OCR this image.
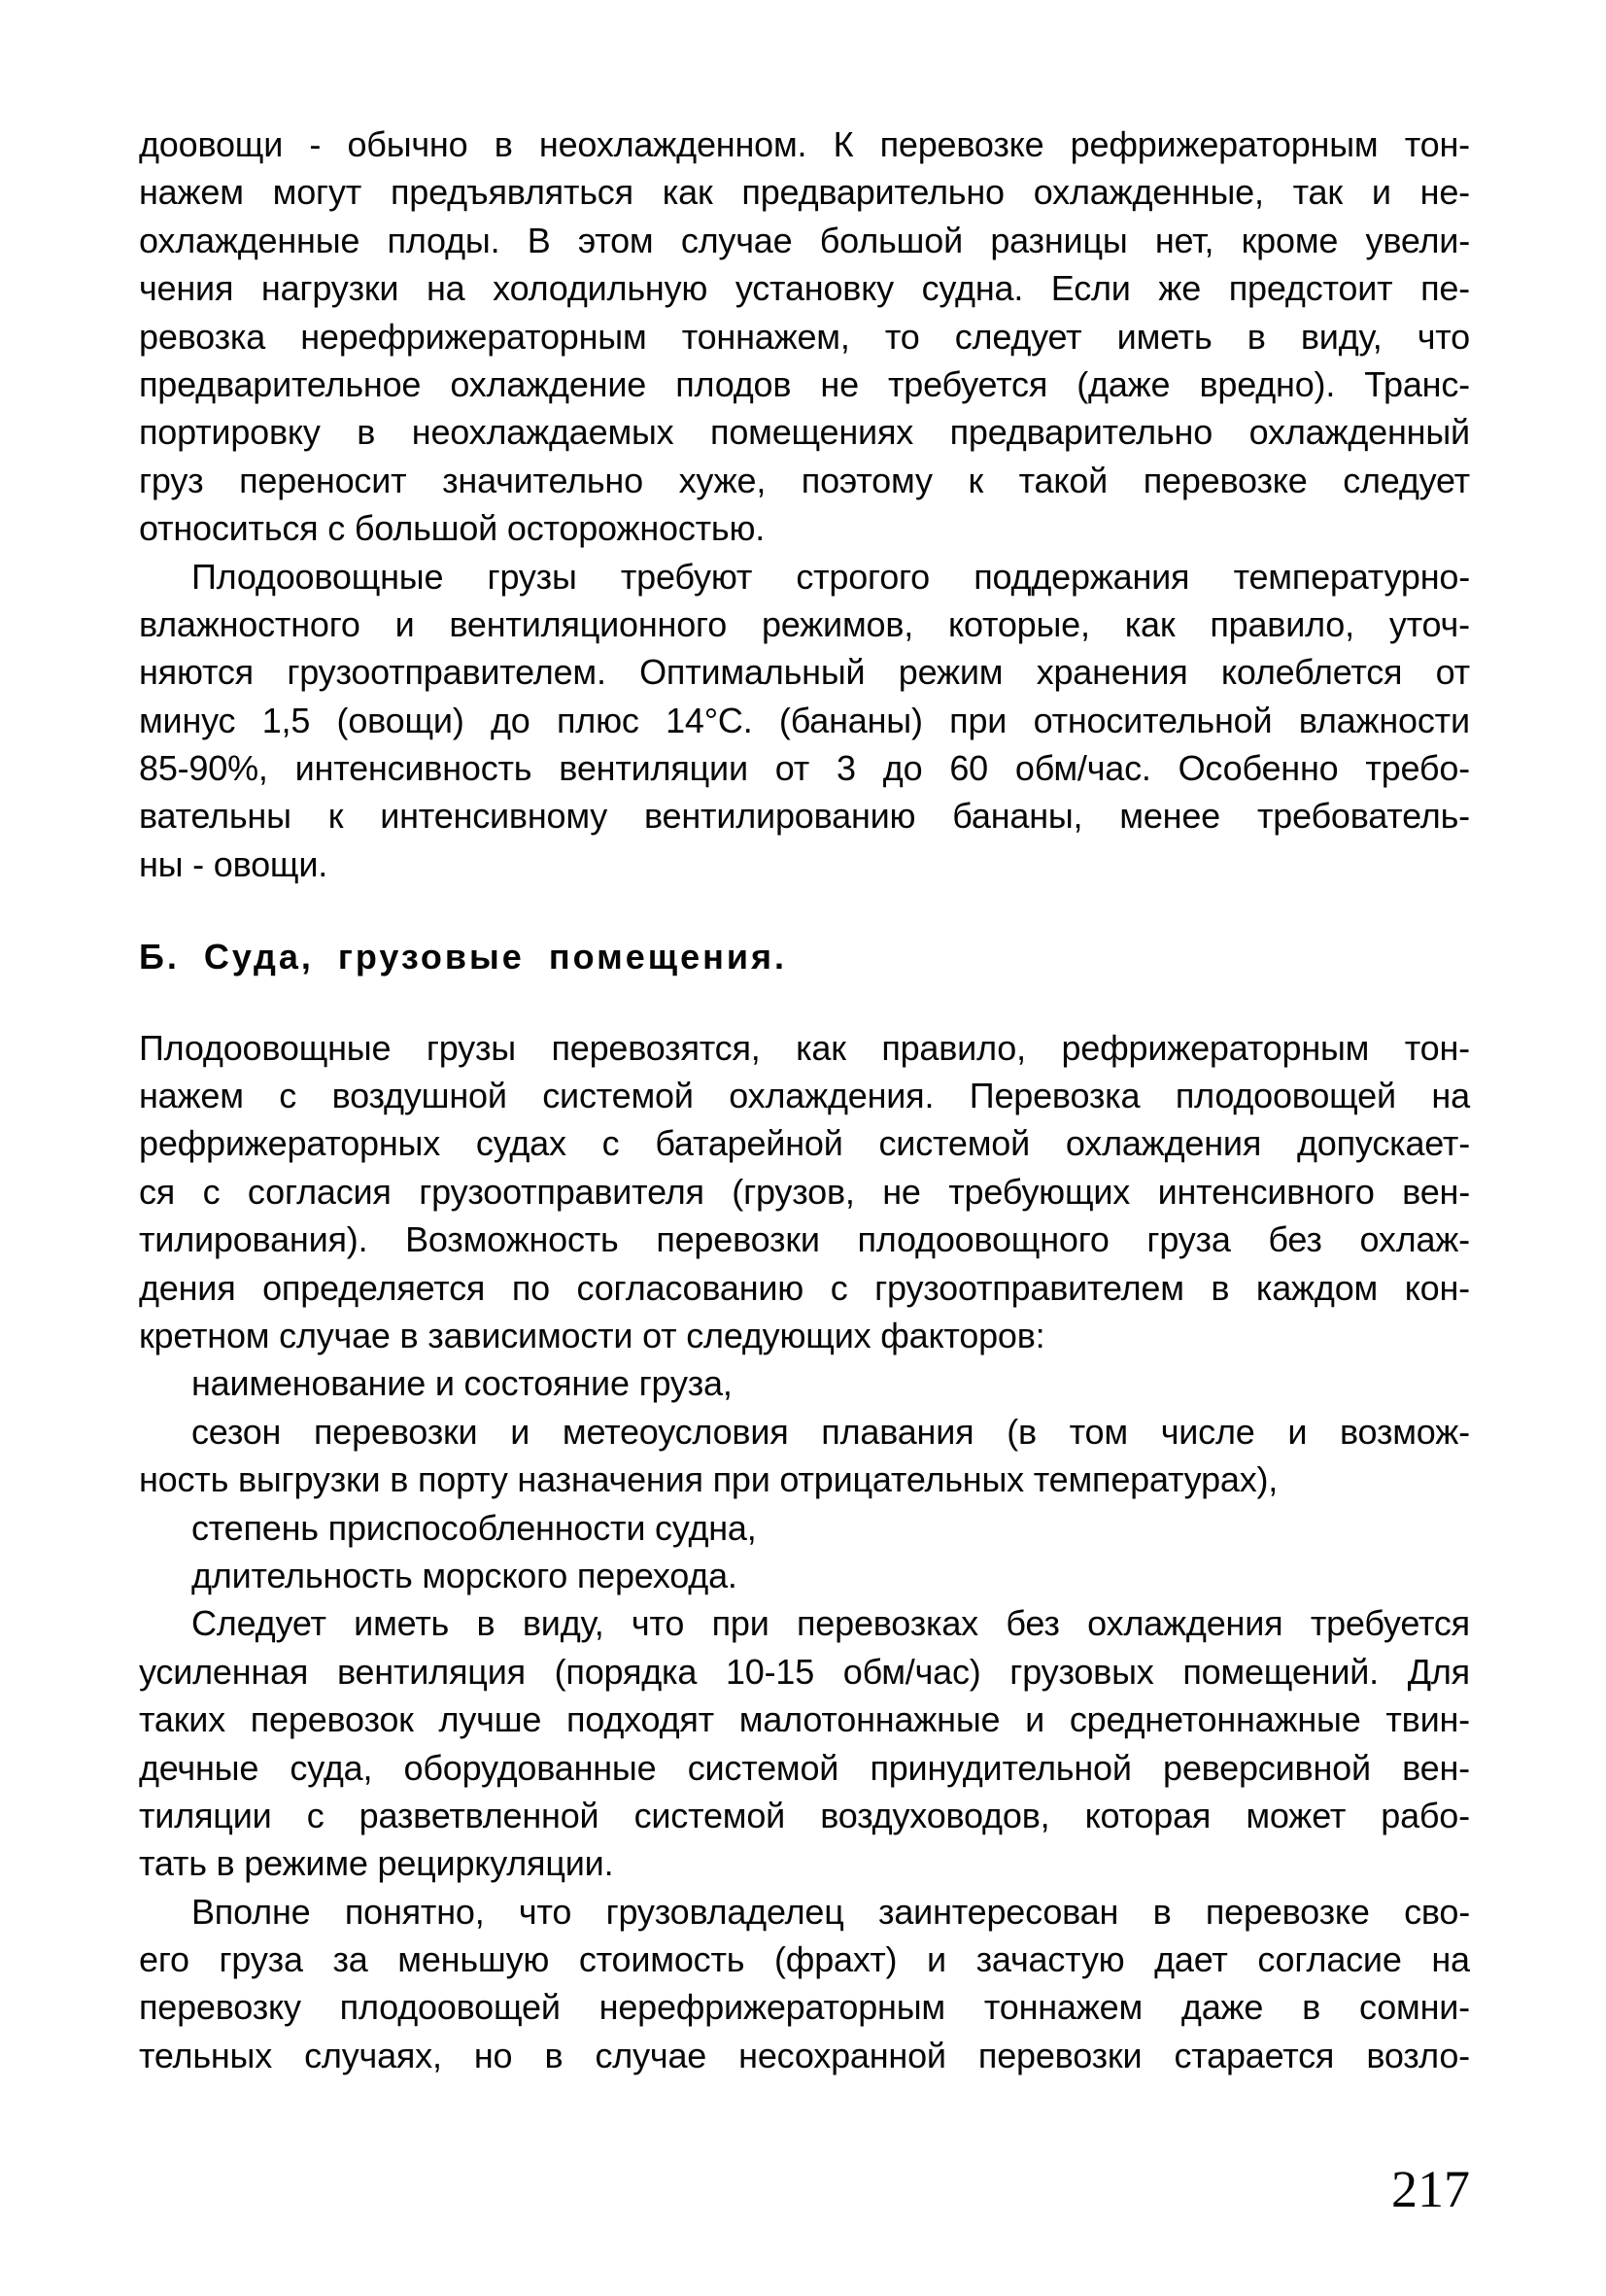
доовощи - обычно в неохлажденном. К перевозке рефрижераторным тон-
нажем могут предъявляться как предварительно охлажденные, так и не-
охлажденные плоды. В этом случае большой разницы нет, кроме увели-
чения нагрузки на холодильную установку судна. Если же предстоит пе-
ревозка нерефрижераторным тоннажем, то следует иметь в виду, что
предварительное охлаждение плодов не требуется (даже вредно). Транс-
портировку в неохлаждаемых помещениях предварительно охлажденный
груз переносит значительно хуже, поэтому к такой перевозке следует
относиться с большой осторожностью.
Плодоовощные грузы требуют строгого поддержания температурно-
влажностного и вентиляционного режимов, которые, как правило, уточ-
няются грузоотправителем. Оптимальный режим хранения колеблется от
минус 1,5 (овощи) до плюс 14°С. (бананы) при относительной влажности
85-90%, интенсивность вентиляции от 3 до 60 обм/час. Особенно требо-
вательны к интенсивному вентилированию бананы, менее требователь-
ны - овощи.
Б. Суда, грузовые помещения.
Плодоовощные грузы перевозятся, как правило, рефрижераторным тон-
нажем с воздушной системой охлаждения. Перевозка плодоовощей на
рефрижераторных судах с батарейной системой охлаждения допускает-
ся с согласия грузоотправителя (грузов, не требующих интенсивного вен-
тилирования). Возможность перевозки плодоовощного груза без охлаж-
дения определяется по согласованию с грузоотправителем в каждом кон-
кретном случае в зависимости от следующих факторов:
наименование и состояние груза,
сезон перевозки и метеоусловия плавания (в том числе и возмож-
ность выгрузки в порту назначения при отрицательных температурах),
степень приспособленности судна,
длительность морского перехода.
Следует иметь в виду, что при перевозках без охлаждения требуется
усиленная вентиляция (порядка 10-15 обм/час) грузовых помещений. Для
таких перевозок лучше подходят малотоннажные и среднетоннажные твин-
дечные суда, оборудованные системой принудительной реверсивной вен-
тиляции с разветвленной системой воздуховодов, которая может рабо-
тать в режиме рециркуляции.
Вполне понятно, что грузовладелец заинтересован в перевозке сво-
его груза за меньшую стоимость (фрахт) и зачастую дает согласие на
перевозку плодоовощей нерефрижераторным тоннажем даже в сомни-
тельных случаях, но в случае несохранной перевозки старается возло-
217
